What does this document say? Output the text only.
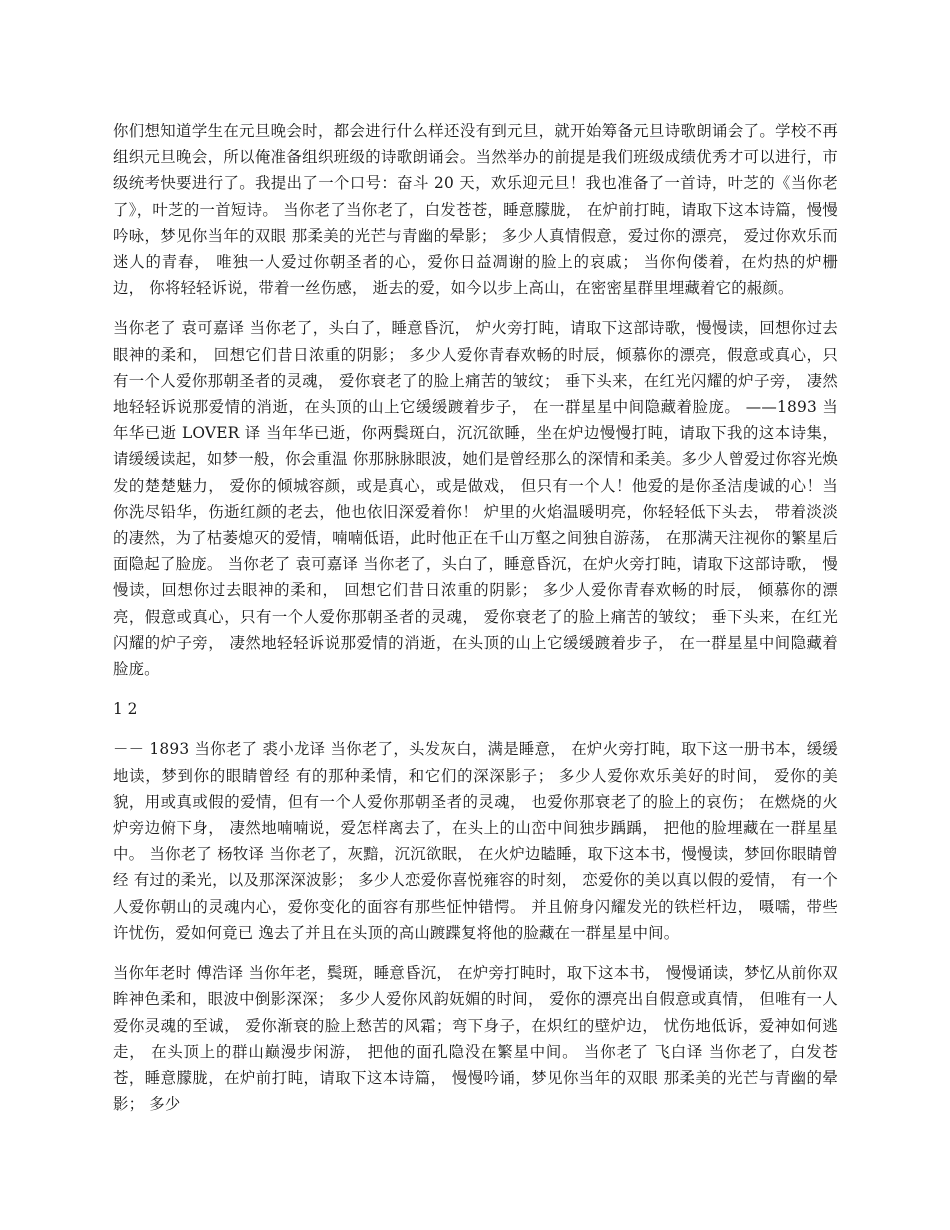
你们想知道学生在元旦晚会时，都会进行什么样还没有到元旦，就开始筹备元旦诗歌朗诵会了。学校不再组织元旦晚会，所以俺准备组织班级的诗歌朗诵会。当然举办的前提是我们班级成绩优秀才可以进行，市级统考快要进行了。我提出了一个口号：奋斗 20 天，欢乐迎元旦！我也准备了一首诗，叶芝的《当你老了》，叶芝的一首短诗。 当你老了当你老了，白发苍苍，睡意朦胧， 在炉前打盹，请取下这本诗篇，慢慢吟咏，梦见你当年的双眼 那柔美的光芒与青幽的晕影； 多少人真情假意，爱过你的漂亮， 爱过你欢乐而迷人的青春， 唯独一人爱过你朝圣者的心，爱你日益凋谢的脸上的哀戚； 当你佝偻着，在灼热的炉栅边， 你将轻轻诉说，带着一丝伤感， 逝去的爱，如今以步上高山，在密密星群里埋藏着它的赧颜。

当你老了 袁可嘉译 当你老了，头白了，睡意昏沉， 炉火旁打盹，请取下这部诗歌，慢慢读，回想你过去眼神的柔和， 回想它们昔日浓重的阴影； 多少人爱你青春欢畅的时辰，倾慕你的漂亮，假意或真心，只有一个人爱你那朝圣者的灵魂， 爱你衰老了的脸上痛苦的皱纹； 垂下头来，在红光闪耀的炉子旁， 凄然地轻轻诉说那爱情的消逝，在头顶的山上它缓缓踱着步子， 在一群星星中间隐藏着脸庞。 ——1893 当年华已逝 LOVER 译 当年华已逝，你两鬓斑白，沉沉欲睡，坐在炉边慢慢打盹，请取下我的这本诗集，请缓缓读起，如梦一般，你会重温 你那脉脉眼波，她们是曾经那么的深情和柔美。多少人曾爱过你容光焕发的楚楚魅力， 爱你的倾城容颜，或是真心，或是做戏， 但只有一个人！他爱的是你圣洁虔诚的心！当你洗尽铅华，伤逝红颜的老去，他也依旧深爱着你！ 炉里的火焰温暖明亮，你轻轻低下头去， 带着淡淡的凄然，为了枯萎熄灭的爱情，喃喃低语，此时他正在千山万壑之间独自游荡， 在那满天注视你的繁星后面隐起了脸庞。 当你老了 袁可嘉译 当你老了，头白了，睡意昏沉，在炉火旁打盹，请取下这部诗歌， 慢慢读，回想你过去眼神的柔和， 回想它们昔日浓重的阴影； 多少人爱你青春欢畅的时辰， 倾慕你的漂亮，假意或真心，只有一个人爱你那朝圣者的灵魂， 爱你衰老了的脸上痛苦的皱纹； 垂下头来，在红光闪耀的炉子旁， 凄然地轻轻诉说那爱情的消逝，在头顶的山上它缓缓踱着步子， 在一群星星中间隐藏着脸庞。

1 2

－－ 1893 当你老了 裘小龙译 当你老了，头发灰白，满是睡意， 在炉火旁打盹，取下这一册书本，缓缓地读，梦到你的眼睛曾经 有的那种柔情，和它们的深深影子； 多少人爱你欢乐美好的时间， 爱你的美貌，用或真或假的爱情，但有一个人爱你那朝圣者的灵魂， 也爱你那衰老了的脸上的哀伤； 在燃烧的火炉旁边俯下身， 凄然地喃喃说，爱怎样离去了，在头上的山峦中间独步踽踽， 把他的脸埋藏在一群星星中。 当你老了 杨牧译 当你老了，灰黯，沉沉欲眠， 在火炉边瞌睡，取下这本书，慢慢读，梦回你眼睛曾经 有过的柔光，以及那深深波影； 多少人恋爱你喜悦雍容的时刻， 恋爱你的美以真以假的爱情， 有一个人爱你朝山的灵魂内心，爱你变化的面容有那些怔忡错愕。 并且俯身闪耀发光的铁栏杆边， 嗫嚅，带些许忧伤，爱如何竟已 逸去了并且在头顶的高山踱蹀复将他的脸藏在一群星星中间。

当你年老时 傅浩译 当你年老，鬓斑，睡意昏沉， 在炉旁打盹时，取下这本书， 慢慢诵读，梦忆从前你双眸神色柔和，眼波中倒影深深； 多少人爱你风韵妩媚的时间， 爱你的漂亮出自假意或真情， 但唯有一人爱你灵魂的至诚， 爱你渐衰的脸上愁苦的风霜；弯下身子，在炽红的壁炉边， 忧伤地低诉，爱神如何逃走， 在头顶上的群山巅漫步闲游， 把他的面孔隐没在繁星中间。 当你老了 飞白译 当你老了，白发苍苍，睡意朦胧，在炉前打盹，请取下这本诗篇， 慢慢吟诵，梦见你当年的双眼 那柔美的光芒与青幽的晕影； 多少
